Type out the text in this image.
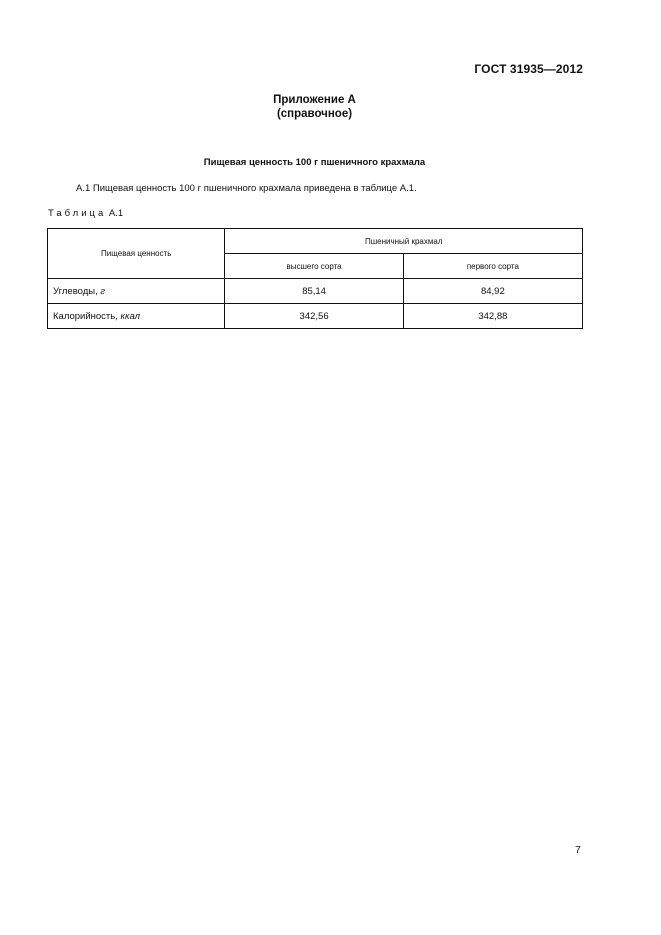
ГОСТ 31935—2012
Приложение А
(справочное)
Пищевая ценность 100 г пшеничного крахмала
А.1 Пищевая ценность 100 г пшеничного крахмала приведена в таблице А.1.
Таблица А.1
Пищевая ценность	Пшеничный крахмал	
	высшего сорта	первого сорта
Углеводы, г	85,14	84,92
Калорийность, ккал	342,56	342,88
7
